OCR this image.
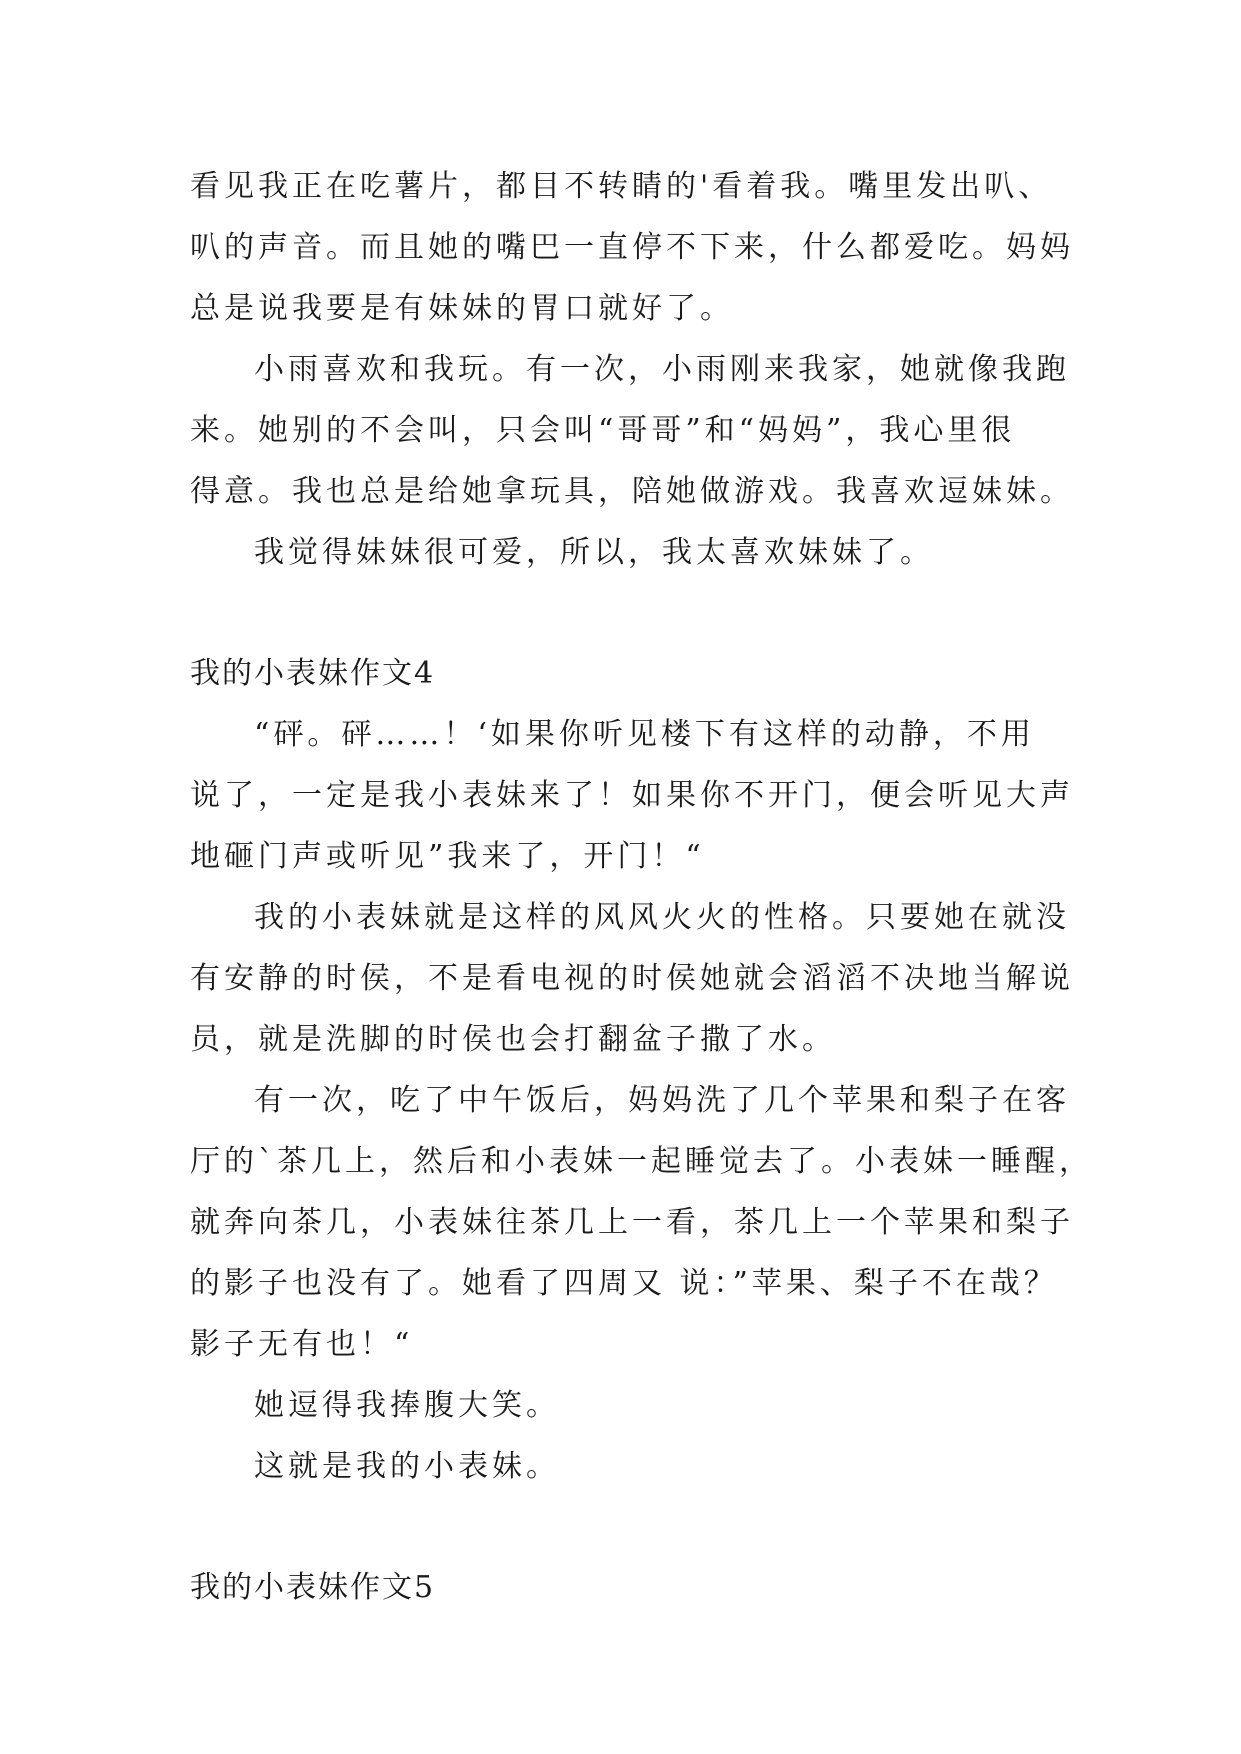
看见我正在吃薯片，都目不转睛的'看着我。嘴里发出叭、
叭的声音。而且她的嘴巴一直停不下来，什么都爱吃。妈妈
总是说我要是有妹妹的胃口就好了。
小雨喜欢和我玩。有一次，小雨刚来我家，她就像我跑
来。她别的不会叫，只会叫“哥哥”和“妈妈”，我心里很
得意。我也总是给她拿玩具，陪她做游戏。我喜欢逗妹妹。
我觉得妹妹很可爱，所以，我太喜欢妹妹了。
我的小表妹作文4
“砰。砰……！‘如果你听见楼下有这样的动静，不用
说了，一定是我小表妹来了！如果你不开门，便会听见大声
地砸门声或听见”我来了，开门！“
我的小表妹就是这样的风风火火的性格。只要她在就没
有安静的时侯，不是看电视的时侯她就会滔滔不决地当解说
员，就是洗脚的时侯也会打翻盆子撒了水。
有一次，吃了中午饭后，妈妈洗了几个苹果和梨子在客
厅的`茶几上，然后和小表妹一起睡觉去了。小表妹一睡醒，
就奔向茶几，小表妹往茶几上一看，茶几上一个苹果和梨子
的影子也没有了。她看了四周又 说：”苹果、梨子不在哉？
影子无有也！“
她逗得我捧腹大笑。
这就是我的小表妹。
我的小表妹作文5
